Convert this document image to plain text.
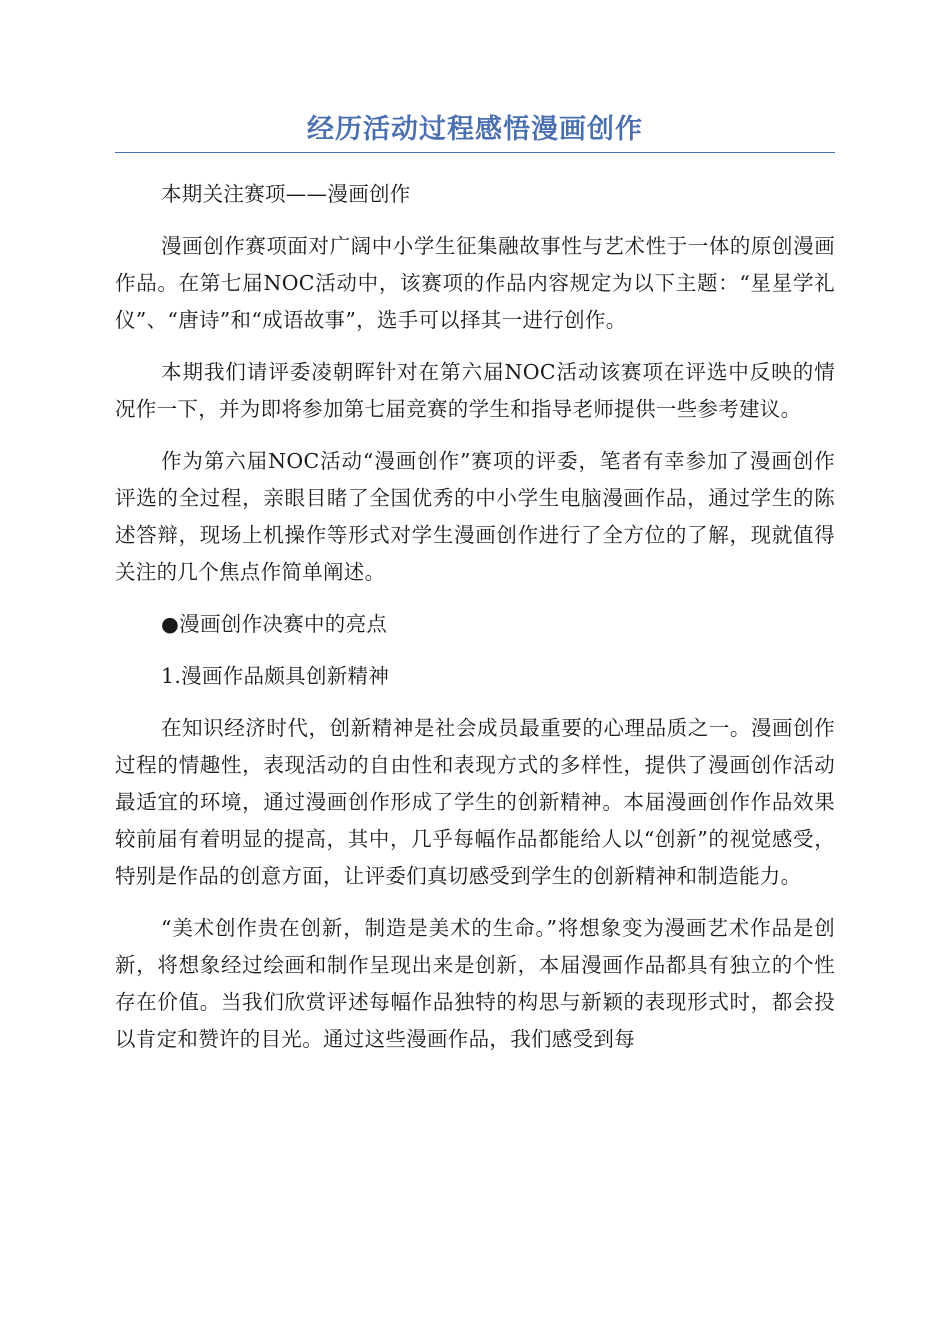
经历活动过程感悟漫画创作

本期关注赛项——漫画创作

漫画创作赛项面对广阔中小学生征集融故事性与艺术性于一体的原创漫画作品。在第七届NOC活动中，该赛项的作品内容规定为以下主题：“星星学礼仪”、“唐诗”和“成语故事”，选手可以择其一进行创作。

本期我们请评委凌朝晖针对在第六届NOC活动该赛项在评选中反映的情况作一下，并为即将参加第七届竞赛的学生和指导老师提供一些参考建议。

作为第六届NOC活动“漫画创作”赛项的评委，笔者有幸参加了漫画创作评选的全过程，亲眼目睹了全国优秀的中小学生电脑漫画作品，通过学生的陈述答辩，现场上机操作等形式对学生漫画创作进行了全方位的了解，现就值得关注的几个焦点作简单阐述。

●漫画创作决赛中的亮点

1.漫画作品颇具创新精神

在知识经济时代，创新精神是社会成员最重要的心理品质之一。漫画创作过程的情趣性，表现活动的自由性和表现方式的多样性，提供了漫画创作活动最适宜的环境，通过漫画创作形成了学生的创新精神。本届漫画创作作品效果较前届有着明显的提高，其中，几乎每幅作品都能给人以“创新”的视觉感受，特别是作品的创意方面，让评委们真切感受到学生的创新精神和制造能力。

“美术创作贵在创新，制造是美术的生命。”将想象变为漫画艺术作品是创新，将想象经过绘画和制作呈现出来是创新，本届漫画作品都具有独立的个性存在价值。当我们欣赏评述每幅作品独特的构思与新颖的表现形式时，都会投以肯定和赞许的目光。通过这些漫画作品，我们感受到每
